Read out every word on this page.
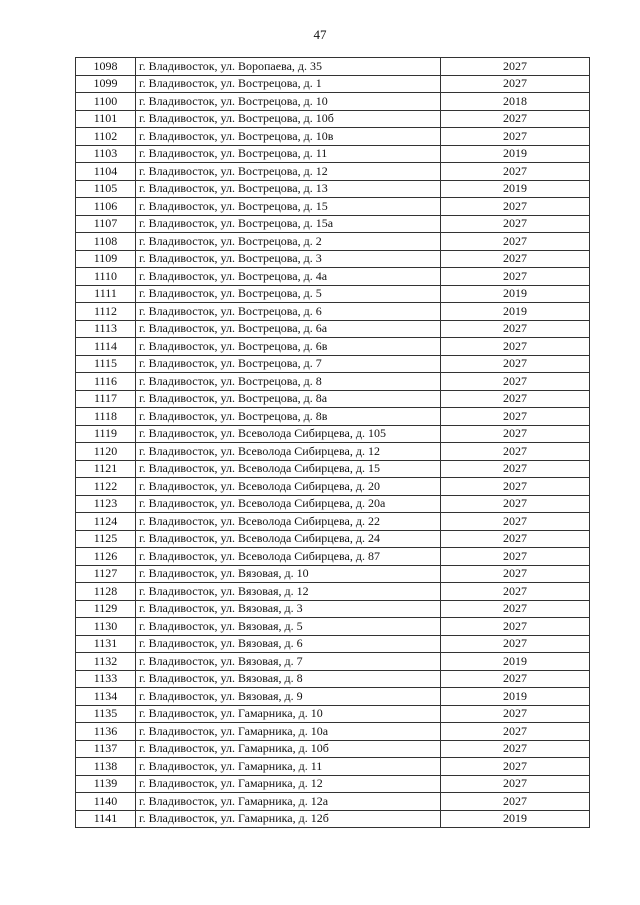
47
1098	г. Владивосток, ул. Воропаева, д. 35	2027
1099	г. Владивосток, ул. Вострецова, д. 1	2027
1100	г. Владивосток, ул. Вострецова, д. 10	2018
1101	г. Владивосток, ул. Вострецова, д. 10б	2027
1102	г. Владивосток, ул. Вострецова, д. 10в	2027
1103	г. Владивосток, ул. Вострецова, д. 11	2019
1104	г. Владивосток, ул. Вострецова, д. 12	2027
1105	г. Владивосток, ул. Вострецова, д. 13	2019
1106	г. Владивосток, ул. Вострецова, д. 15	2027
1107	г. Владивосток, ул. Вострецова, д. 15а	2027
1108	г. Владивосток, ул. Вострецова, д. 2	2027
1109	г. Владивосток, ул. Вострецова, д. 3	2027
1110	г. Владивосток, ул. Вострецова, д. 4а	2027
1111	г. Владивосток, ул. Вострецова, д. 5	2019
1112	г. Владивосток, ул. Вострецова, д. 6	2019
1113	г. Владивосток, ул. Вострецова, д. 6а	2027
1114	г. Владивосток, ул. Вострецова, д. 6в	2027
1115	г. Владивосток, ул. Вострецова, д. 7	2027
1116	г. Владивосток, ул. Вострецова, д. 8	2027
1117	г. Владивосток, ул. Вострецова, д. 8а	2027
1118	г. Владивосток, ул. Вострецова, д. 8в	2027
1119	г. Владивосток, ул. Всеволода Сибирцева, д. 105	2027
1120	г. Владивосток, ул. Всеволода Сибирцева, д. 12	2027
1121	г. Владивосток, ул. Всеволода Сибирцева, д. 15	2027
1122	г. Владивосток, ул. Всеволода Сибирцева, д. 20	2027
1123	г. Владивосток, ул. Всеволода Сибирцева, д. 20а	2027
1124	г. Владивосток, ул. Всеволода Сибирцева, д. 22	2027
1125	г. Владивосток, ул. Всеволода Сибирцева, д. 24	2027
1126	г. Владивосток, ул. Всеволода Сибирцева, д. 87	2027
1127	г. Владивосток, ул. Вязовая, д. 10	2027
1128	г. Владивосток, ул. Вязовая, д. 12	2027
1129	г. Владивосток, ул. Вязовая, д. 3	2027
1130	г. Владивосток, ул. Вязовая, д. 5	2027
1131	г. Владивосток, ул. Вязовая, д. 6	2027
1132	г. Владивосток, ул. Вязовая, д. 7	2019
1133	г. Владивосток, ул. Вязовая, д. 8	2027
1134	г. Владивосток, ул. Вязовая, д. 9	2019
1135	г. Владивосток, ул. Гамарника, д. 10	2027
1136	г. Владивосток, ул. Гамарника, д. 10а	2027
1137	г. Владивосток, ул. Гамарника, д. 10б	2027
1138	г. Владивосток, ул. Гамарника, д. 11	2027
1139	г. Владивосток, ул. Гамарника, д. 12	2027
1140	г. Владивосток, ул. Гамарника, д. 12а	2027
1141	г. Владивосток, ул. Гамарника, д. 12б	2019
